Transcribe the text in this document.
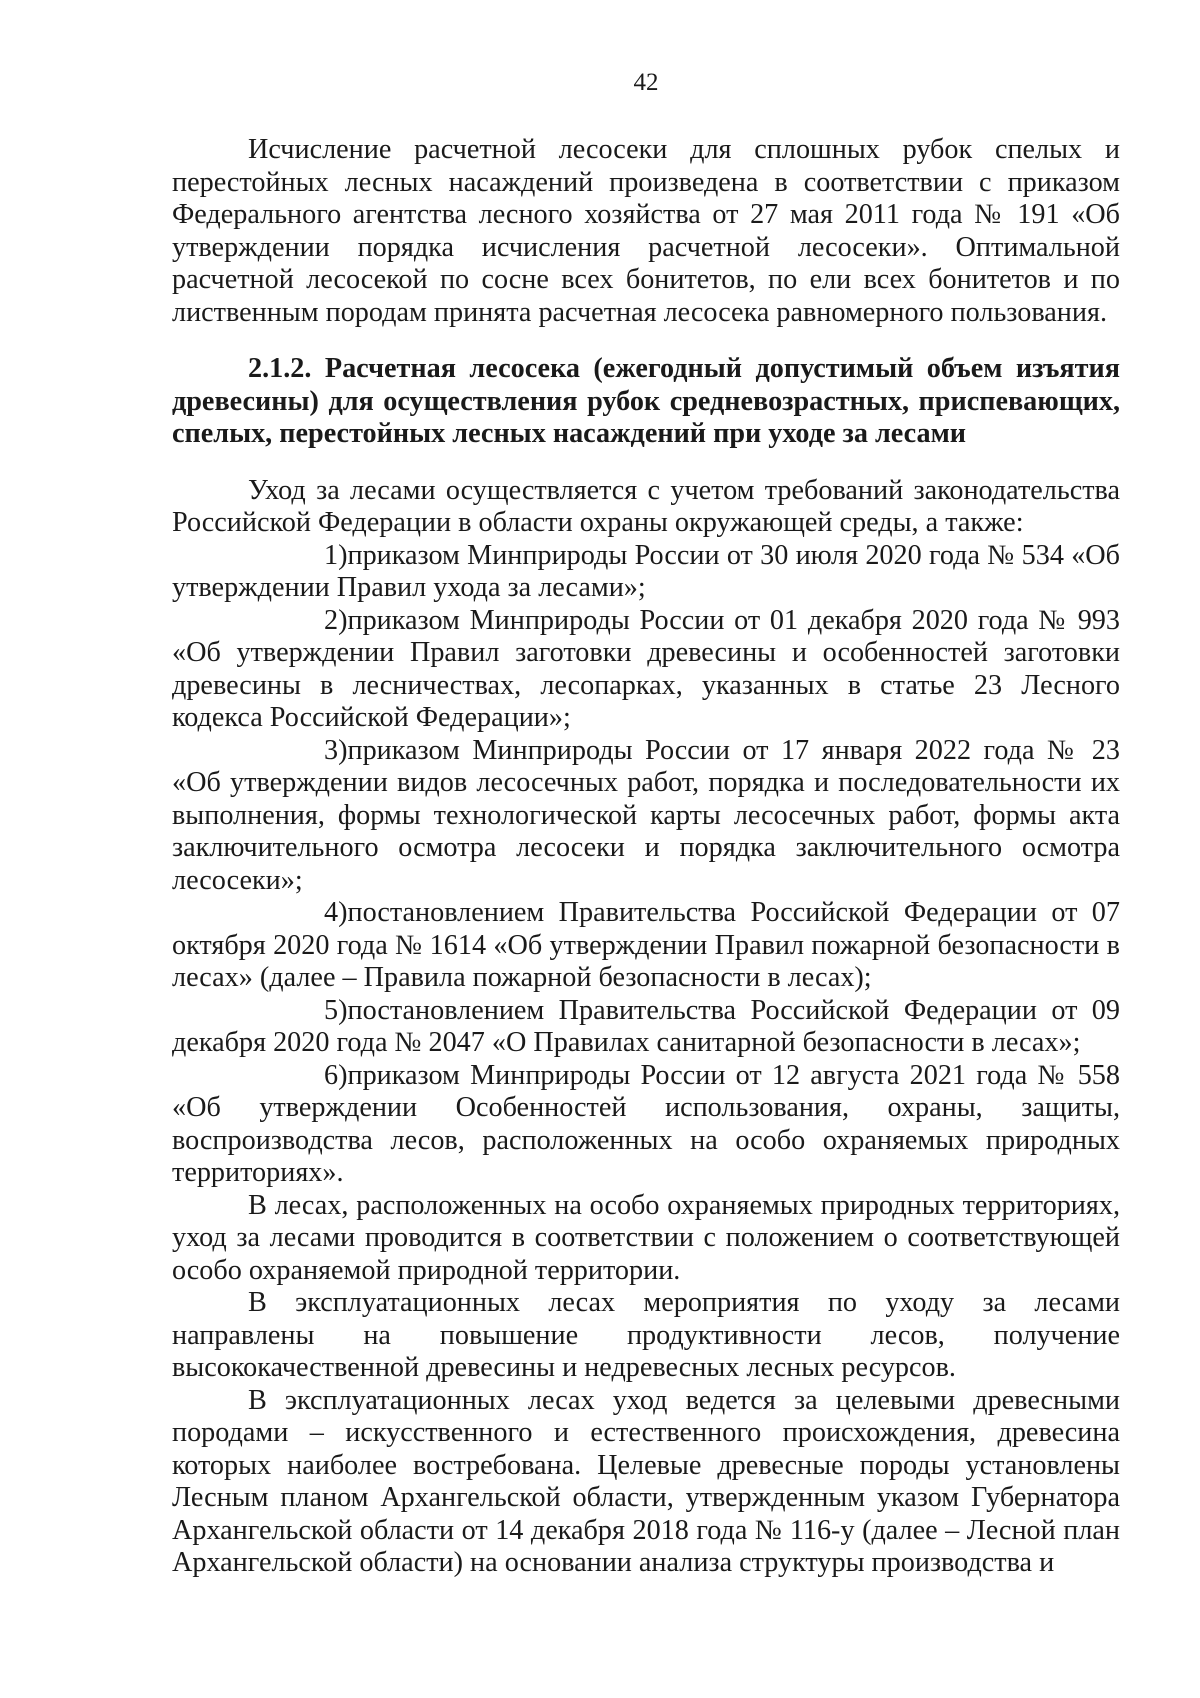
42

Исчисление расчетной лесосеки для сплошных рубок спелых и перестойных лесных насаждений произведена в соответствии с приказом Федерального агентства лесного хозяйства от 27 мая 2011 года № 191 «Об утверждении порядка исчисления расчетной лесосеки». Оптимальной расчетной лесосекой по сосне всех бонитетов, по ели всех бонитетов и по лиственным породам принята расчетная лесосека равномерного пользования.

2.1.2. Расчетная лесосека (ежегодный допустимый объем изъятия древесины) для осуществления рубок средневозрастных, приспевающих, спелых, перестойных лесных насаждений при уходе за лесами

Уход за лесами осуществляется с учетом требований законодательства Российской Федерации в области охраны окружающей среды, а также:

1)приказом Минприроды России от 30 июля 2020 года № 534 «Об утверждении Правил ухода за лесами»;

2)приказом Минприроды России от 01 декабря 2020 года № 993 «Об утверждении Правил заготовки древесины и особенностей заготовки древесины в лесничествах, лесопарках, указанных в статье 23 Лесного кодекса Российской Федерации»;

3)приказом Минприроды России от 17 января 2022 года № 23 «Об утверждении видов лесосечных работ, порядка и последовательности их выполнения, формы технологической карты лесосечных работ, формы акта заключительного осмотра лесосеки и порядка заключительного осмотра лесосеки»;

4)постановлением Правительства Российской Федерации от 07 октября 2020 года № 1614 «Об утверждении Правил пожарной безопасности в лесах» (далее – Правила пожарной безопасности в лесах);

5)постановлением Правительства Российской Федерации от 09 декабря 2020 года № 2047 «О Правилах санитарной безопасности в лесах»;

6)приказом Минприроды России от 12 августа 2021 года № 558 «Об утверждении Особенностей использования, охраны, защиты, воспроизводства лесов, расположенных на особо охраняемых природных территориях».

В лесах, расположенных на особо охраняемых природных территориях, уход за лесами проводится в соответствии с положением о соответствующей особо охраняемой природной территории.

В эксплуатационных лесах мероприятия по уходу за лесами направлены на повышение продуктивности лесов, получение высококачественной древесины и недревесных лесных ресурсов.

В эксплуатационных лесах уход ведется за целевыми древесными породами – искусственного и естественного происхождения, древесина которых наиболее востребована. Целевые древесные породы установлены Лесным планом Архангельской области, утвержденным указом Губернатора Архангельской области от 14 декабря 2018 года № 116-у (далее – Лесной план Архангельской области) на основании анализа структуры производства и
